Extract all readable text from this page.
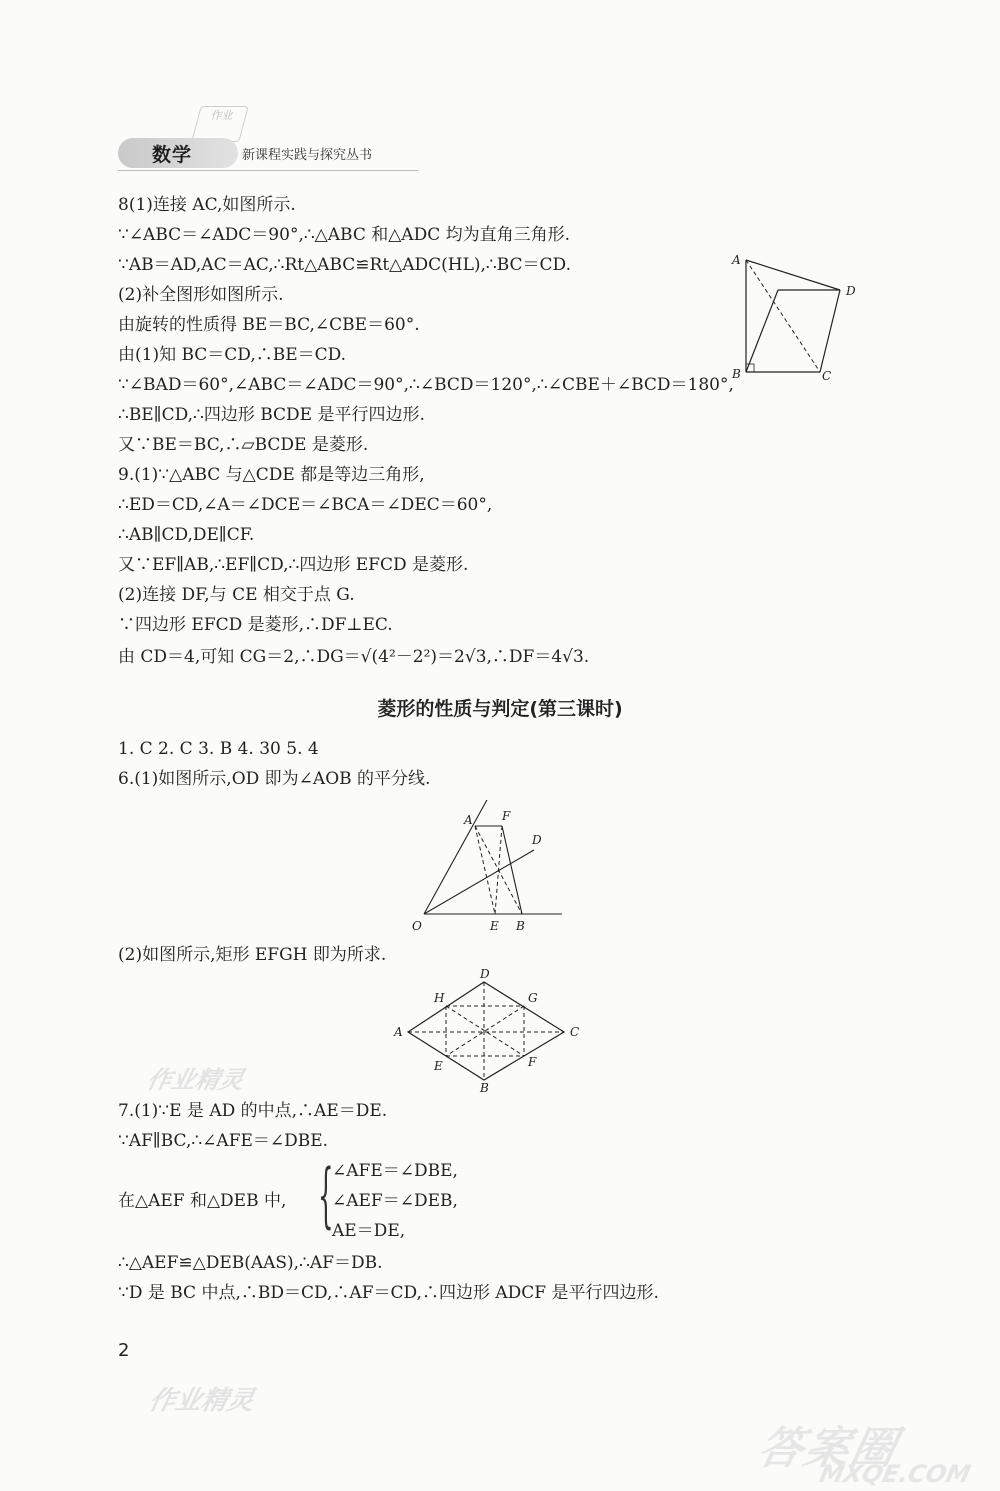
作业
数学	新课程实践与探究丛书
8(1)连接 AC,如图所示.
∵∠ABC＝∠ADC＝90°,∴△ABC 和△ADC 均为直角三角形.
∵AB＝AD,AC＝AC,∴Rt△ABC≌Rt△ADC(HL),∴BC＝CD.
(2)补全图形如图所示.
由旋转的性质得 BE＝BC,∠CBE＝60°.
由(1)知 BC＝CD,∴BE＝CD.
∵∠BAD＝60°,∠ABC＝∠ADC＝90°,∴∠BCD＝120°,∴∠CBE＋∠BCD＝180°,
∴BE∥CD,∴四边形 BCDE 是平行四边形.
又∵BE＝BC,∴▱BCDE 是菱形.
9.(1)∵△ABC 与△CDE 都是等边三角形,
∴ED＝CD,∠A＝∠DCE＝∠BCA＝∠DEC＝60°,
∴AB∥CD,DE∥CF.
又∵EF∥AB,∴EF∥CD,∴四边形 EFCD 是菱形.
(2)连接 DF,与 CE 相交于点 G.
∵四边形 EFCD 是菱形,∴DF⊥EC.
由 CD＝4,可知 CG＝2,∴DG＝√(4²－2²)＝2√3,∴DF＝4√3.
A
D
B	C
菱形的性质与判定(第三课时)
1. C 2. C 3. B 4. 30 5. 4
6.(1)如图所示,OD 即为∠AOB 的平分线.
A F
D
O	E B
(2)如图所示,矩形 EFGH 即为所求.
D
H	G
A	C
E	F
B
7.(1)∵E 是 AD 的中点,∴AE＝DE.
∵AF∥BC,∴∠AFE＝∠DBE.
在△AEF 和△DEB 中, {
∠AFE＝∠DBE,
∠AEF＝∠DEB,
AE＝DE,
∴△AEF≌△DEB(AAS),∴AF＝DB.
∵D 是 BC 中点,∴BD＝CD,∴AF＝CD,∴四边形 ADCF 是平行四边形.
2
作业精灵
作业精灵
答案圈
MXQE.COM
